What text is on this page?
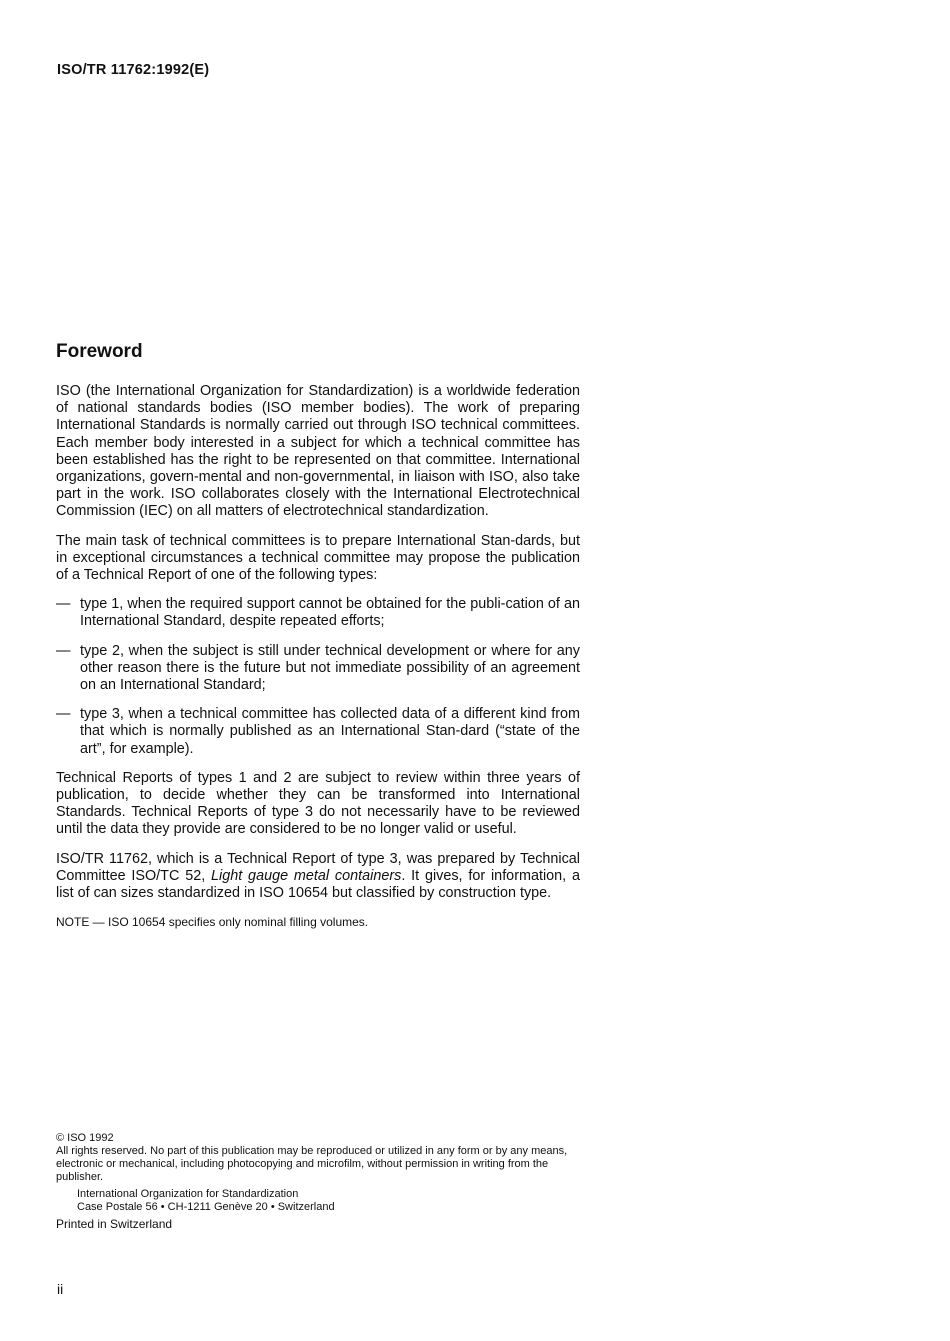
ISO/TR 11762:1992(E)
Foreword

ISO (the International Organization for Standardization) is a worldwide federation of national standards bodies (ISO member bodies). The work of preparing International Standards is normally carried out through ISO technical committees. Each member body interested in a subject for which a technical committee has been established has the right to be represented on that committee. International organizations, govern-mental and non-governmental, in liaison with ISO, also take part in the work. ISO collaborates closely with the International Electrotechnical Commission (IEC) on all matters of electrotechnical standardization.

The main task of technical committees is to prepare International Stan-dards, but in exceptional circumstances a technical committee may propose the publication of a Technical Report of one of the following types:

— type 1, when the required support cannot be obtained for the publi-cation of an International Standard, despite repeated efforts;
— type 2, when the subject is still under technical development or where for any other reason there is the future but not immediate possibility of an agreement on an International Standard;
— type 3, when a technical committee has collected data of a different kind from that which is normally published as an International Stan-dard (“state of the art”, for example).

Technical Reports of types 1 and 2 are subject to review within three years of publication, to decide whether they can be transformed into International Standards. Technical Reports of type 3 do not necessarily have to be reviewed until the data they provide are considered to be no longer valid or useful.

ISO/TR 11762, which is a Technical Report of type 3, was prepared by Technical Committee ISO/TC 52, Light gauge metal containers. It gives, for information, a list of can sizes standardized in ISO 10654 but classified by construction type.

NOTE — ISO 10654 specifies only nominal filling volumes.
© ISO 1992
All rights reserved. No part of this publication may be reproduced or utilized in any form or by any means, electronic or mechanical, including photocopying and microfilm, without permission in writing from the publisher.
International Organization for Standardization
Case Postale 56 • CH-1211 Genève 20 • Switzerland
Printed in Switzerland
ii
